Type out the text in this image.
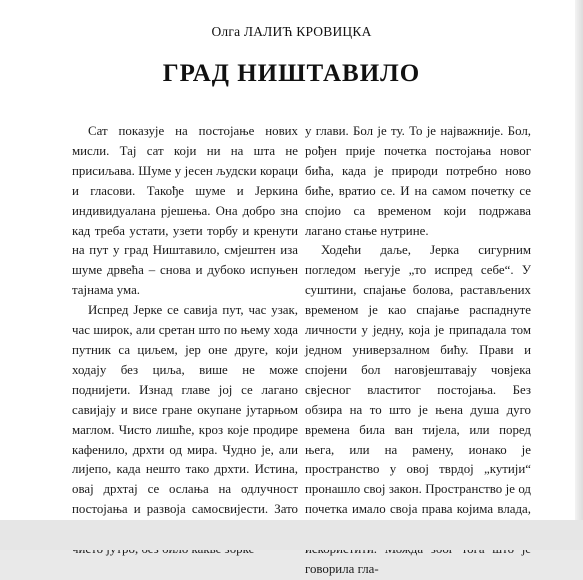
Олга ЛАЛИЋ КРОВИЦКА
ГРАД НИШТАВИЛО

Сат показује на постојање нових мисли. Тај сат који ни на шта не присиљава. Шуме у јесен људски кораци и гласови. Такође шуме и Јеркина индивидуалана рјешења. Она добро зна кад треба устати, узети торбу и кренути на пут у град Ништавило, смјештен иза шуме дрвећа – снова и дубоко испуњен тајнама ума.

Испред Јерке се савија пут, час узак, час широк, али сретан што по њему хода путник са циљем, јер оне друге, који ходају без циља, више не може поднијети. Изнад главе јој се лагано савијају и висе гране окупане јутарњом маглом. Чисто лишће, кроз које продире кафенило, дрхти од мира. Чудно је, али лијепо, када нешто тако дрхти. Истина, овај дрхтај се ослања на одлучност постојања и развоја самосвијести. Зато

у глави. Бол је ту. То је најважније. Бол, рођен прије почетка постојања новог бића, када је природи потребно ново биће, вратио се. И на самом почетку се спојио са временом који подржава лагано стање нутрине.

Ходећи даље, Јерка сигурним погледом његује „то испред себе“. У суштини, спајање болова, растављених временом је као спајање распаднуте личности у једну, која је припадала том једном универзалном бићу. Прави и спојени бол наговјештавају човјека свјесног властитог постојања. Без обзира на то што је њена душа дуго времена била ван тијела, или поред њега, или на рамену, ионако је пространство у овој тврдој „кутији“ пронашло свој закон. Пространство је од почетка имало своја права којима влада, говорила гла-
